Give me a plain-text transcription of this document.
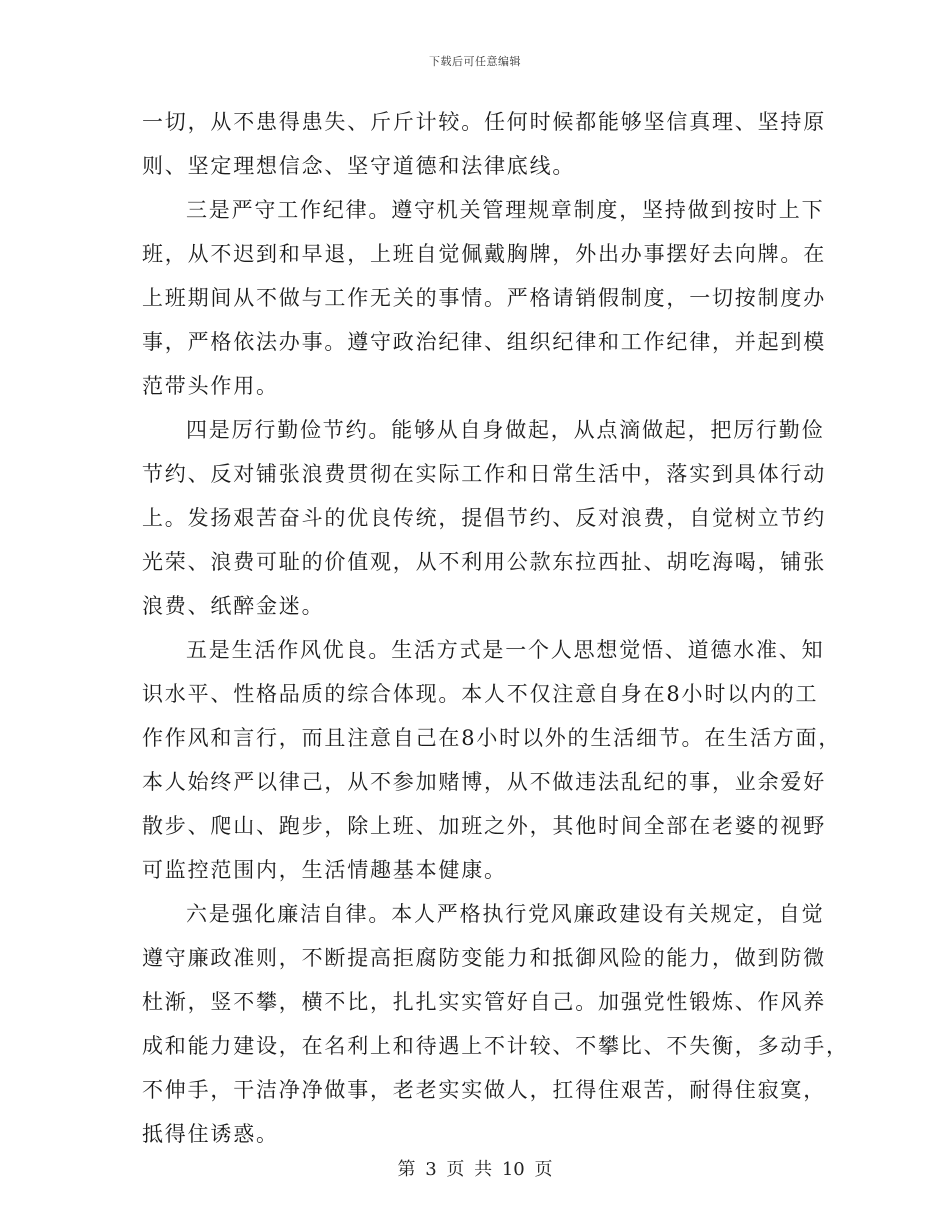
下载后可任意编辑
一切，从不患得患失、斤斤计较。任何时候都能够坚信真理、坚持原
则、坚定理想信念、坚守道德和法律底线。
三是严守工作纪律。遵守机关管理规章制度，坚持做到按时上下
班，从不迟到和早退，上班自觉佩戴胸牌，外出办事摆好去向牌。在
上班期间从不做与工作无关的事情。严格请销假制度，一切按制度办
事，严格依法办事。遵守政治纪律、组织纪律和工作纪律，并起到模
范带头作用。
四是厉行勤俭节约。能够从自身做起，从点滴做起，把厉行勤俭
节约、反对铺张浪费贯彻在实际工作和日常生活中，落实到具体行动
上。发扬艰苦奋斗的优良传统，提倡节约、反对浪费，自觉树立节约
光荣、浪费可耻的价值观，从不利用公款东拉西扯、胡吃海喝，铺张
浪费、纸醉金迷。
五是生活作风优良。生活方式是一个人思想觉悟、道德水准、知
识水平、性格品质的综合体现。本人不仅注意自身在8小时以内的工
作作风和言行，而且注意自己在8小时以外的生活细节。在生活方面，
本人始终严以律己，从不参加赌博，从不做违法乱纪的事，业余爱好
散步、爬山、跑步，除上班、加班之外，其他时间全部在老婆的视野
可监控范围内，生活情趣基本健康。
六是强化廉洁自律。本人严格执行党风廉政建设有关规定，自觉
遵守廉政准则，不断提高拒腐防变能力和抵御风险的能力，做到防微
杜渐，竖不攀，横不比，扎扎实实管好自己。加强党性锻炼、作风养
成和能力建设，在名利上和待遇上不计较、不攀比、不失衡，多动手，
不伸手，干洁净净做事，老老实实做人，扛得住艰苦，耐得住寂寞，
抵得住诱惑。
第 3 页 共 10 页
